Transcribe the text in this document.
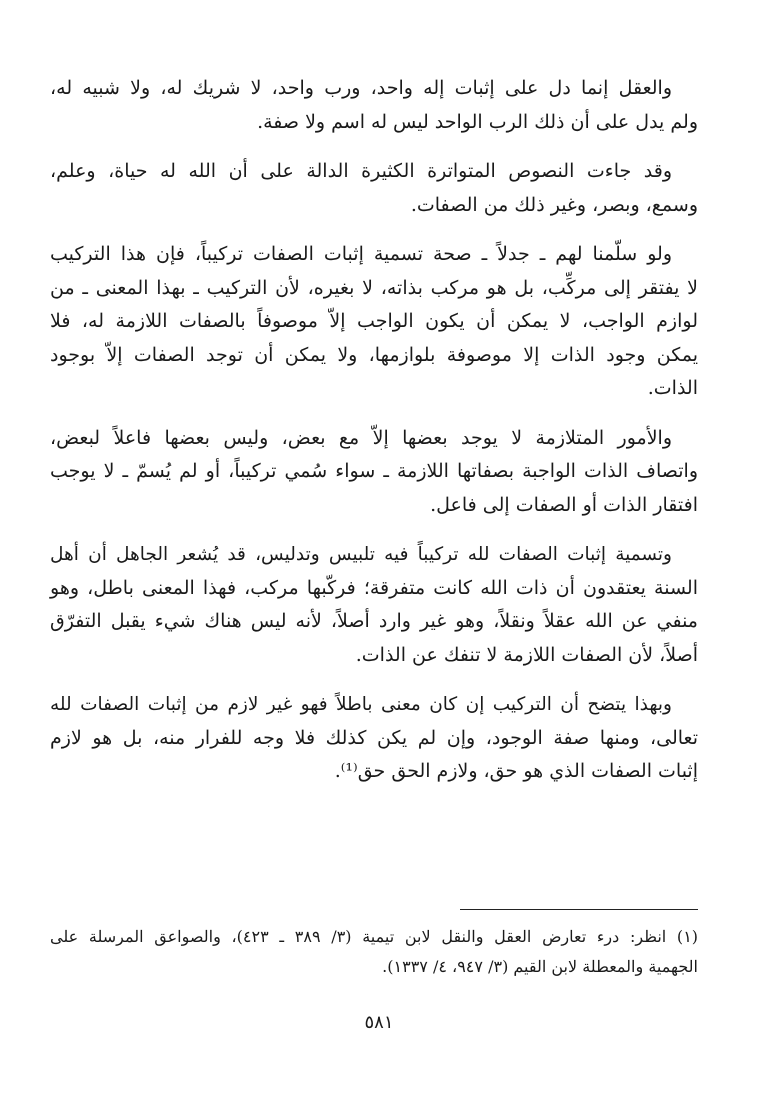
والعقل إنما دل على إثبات إله واحد، ورب واحد، لا شريك له، ولا شبيه له،
ولم يدل على أن ذلك الرب الواحد ليس له اسم ولا صفة.

وقد جاءت النصوص المتواترة الكثيرة الدالة على أن الله له حياة، وعلم،
وسمع، وبصر، وغير ذلك من الصفات.

ولو سلّمنا لهم ـ جدلاً ـ صحة تسمية إثبات الصفات تركيباً، فإن هذا التركيب
لا يفتقر إلى مركِّب، بل هو مركب بذاته، لا بغيره، لأن التركيب ـ بهذا المعنى ـ من
لوازم الواجب، لا يمكن أن يكون الواجب إلاّ موصوفاً بالصفات اللازمة له، فلا
يمكن وجود الذات إلا موصوفة بلوازمها، ولا يمكن أن توجد الصفات إلاّ بوجود
الذات.

والأمور المتلازمة لا يوجد بعضها إلاّ مع بعض، وليس بعضها فاعلاً لبعض،
واتصاف الذات الواجبة بصفاتها اللازمة ـ سواء سُمي تركيباً، أو لم يُسمّ ـ لا يوجب
افتقار الذات أو الصفات إلى فاعل.

وتسمية إثبات الصفات لله تركيباً فيه تلبيس وتدليس، قد يُشعر الجاهل أن أهل
السنة يعتقدون أن ذات الله كانت متفرقة؛ فركّبها مركب، فهذا المعنى باطل، وهو
منفي عن الله عقلاً ونقلاً، وهو غير وارد أصلاً، لأنه ليس هناك شيء يقبل التفرّق
أصلاً، لأن الصفات اللازمة لا تنفك عن الذات.

وبهذا يتضح أن التركيب إن كان معنى باطلاً فهو غير لازم من إثبات الصفات لله
تعالى، ومنها صفة الوجود، وإن لم يكن كذلك فلا وجه للفرار منه، بل هو لازم
إثبات الصفات الذي هو حق، ولازم الحق حق⁽¹⁾.

(١) انظر: درء تعارض العقل والنقل لابن تيمية (٣/ ٣٨٩ ـ ٤٢٣)، والصواعق المرسلة على
الجهمية والمعطلة لابن القيم (٣/ ٩٤٧، ٤/ ١٣٣٧).
٥٨١
